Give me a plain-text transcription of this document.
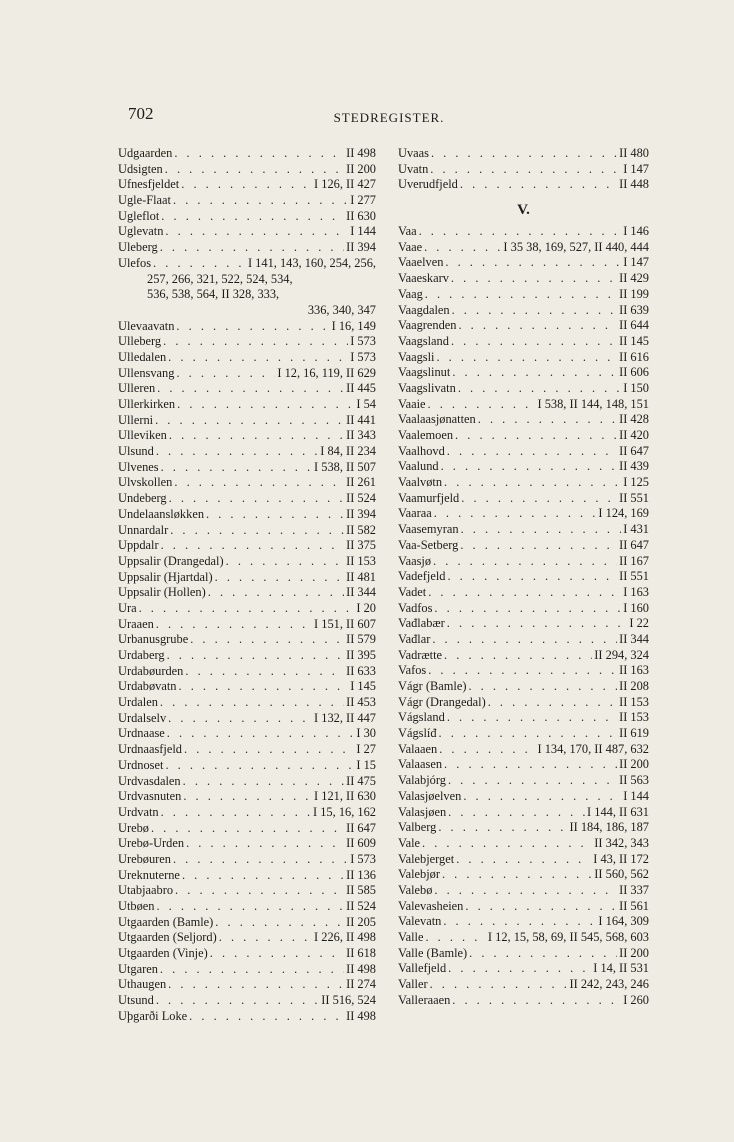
702	STEDREGISTER.
Udgaarden . . .	II 498
Udsigten . . .	II 200
Ufnesfjeldet . . .	I 126, II 427
Ugle-Flaat . . .	I 277
Ugleflot . . .	II 630
Uglevatn . . .	I 144
Uleberg . . .	II 394
Ulefos . . .	I 141, 143, 160, 254, 256,
257, 266, 321, 522, 524, 534,
536, 538, 564, II 328, 333,
336, 340, 347
Ulevaavatn . . .	I 16, 149
Ulleberg . . .	I 573
Ulledalen . . .	I 573
Ullensvang . . .	I 12, 16, 119, II 629
Ulleren . . .	II 445
Ullerkirken . . .	I 54
Ullerni . . .	II 441
Ulleviken . . .	II 343
Ulsund . . .	I 84, II 234
Ulvenes . . .	I 538, II 507
Ulvskollen . . .	II 261
Undeberg . . .	II 524
Undelaansløkken . . .	II 394
Unnardalr . . .	II 582
Uppdalr . . .	II 375
Uppsalir (Drangedal) . . .	II 153
Uppsalir (Hjartdal) . . .	II 481
Uppsalir (Hollen) . . .	II 344
Ura . . .	I 20
Uraaen . . .	I 151, II 607
Urbanusgrube . . .	II 579
Urdaberg . . .	II 395
Urdabøurden . . .	II 633
Urdabøvatn . . .	I 145
Urdalen . . .	II 453
Urdalselv . . .	I 132, II 447
Urdnaase . . .	I 30
Urdnaasfjeld . . .	I 27
Urdnoset . . .	I 15
Urdvasdalen . . .	II 475
Urdvasnuten . . .	I 121, II 630
Urdvatn . . .	I 15, 16, 162
Urebø . . .	II 647
Urebø-Urden . . .	II 609
Urebøuren . . .	I 573
Ureknuterne . . .	II 136
Utabjaabro . . .	II 585
Utbøen . . .	II 524
Utgaarden (Bamle) . . .	II 205
Utgaarden (Seljord) . . .	I 226, II 498
Utgaarden (Vinje) . . .	II 618
Utgaren . . .	II 498
Uthaugen . . .	II 274
Utsund . . .	II 516, 524
Uþgarði Loke . . .	II 498
Uvaas . . .	II 480
Uvatn . . .	I 147
Uverudfjeld . . .	II 448
V.
Vaa . . .	I 146
Vaae . . .	I 35 38, 169, 527, II 440, 444
Vaaelven . . .	I 147
Vaaeskarv . . .	II 429
Vaag . . .	II 199
Vaagdalen . . .	II 639
Vaagrenden . . .	II 644
Vaagsland . . .	II 145
Vaagsli . . .	II 616
Vaagslinut . . .	II 606
Vaagslivatn . . .	I 150
Vaaie . . .	I 538, II 144, 148, 151
Vaalaasjønatten . . .	II 428
Vaalemoen . . .	II 420
Vaalhovd . . .	II 647
Vaalund . . .	II 439
Vaalvøtn . . .	I 125
Vaamurfjeld . . .	II 551
Vaaraa . . .	I 124, 169
Vaasemyran . . .	I 431
Vaa-Setberg . . .	II 647
Vaasjø . . .	II 167
Vadefjeld . . .	II 551
Vadet . . .	I 163
Vadfos . . .	I 160
Vađlabær . . .	I 22
Vađlar . . .	II 344
Vadrætte . . .	II 294, 324
Vafos . . .	II 163
Vágr (Bamle) . . .	II 208
Vágr (Drangedal) . . .	II 153
Vágsland . . .	II 153
Vágslíđ . . .	II 619
Valaaen . . .	I 134, 170, II 487, 632
Valaasen . . .	II 200
Valabjórg . . .	II 563
Valasjøelven . . .	I 144
Valasjøen . . .	I 144, II 631
Valberg . . .	II 184, 186, 187
Vale . . .	II 342, 343
Valebjerget . . .	I 43, II 172
Valebjør . . .	II 560, 562
Valebø . . .	II 337
Valevasheien . . .	II 561
Valevatn . . .	I 164, 309
Valle . . .	I 12, 15, 58, 69, II 545, 568, 603
Valle (Bamle) . . .	II 200
Vallefjeld . . .	I 14, II 531
Valler . . .	II 242, 243, 246
Valleraaen . . .	I 260
